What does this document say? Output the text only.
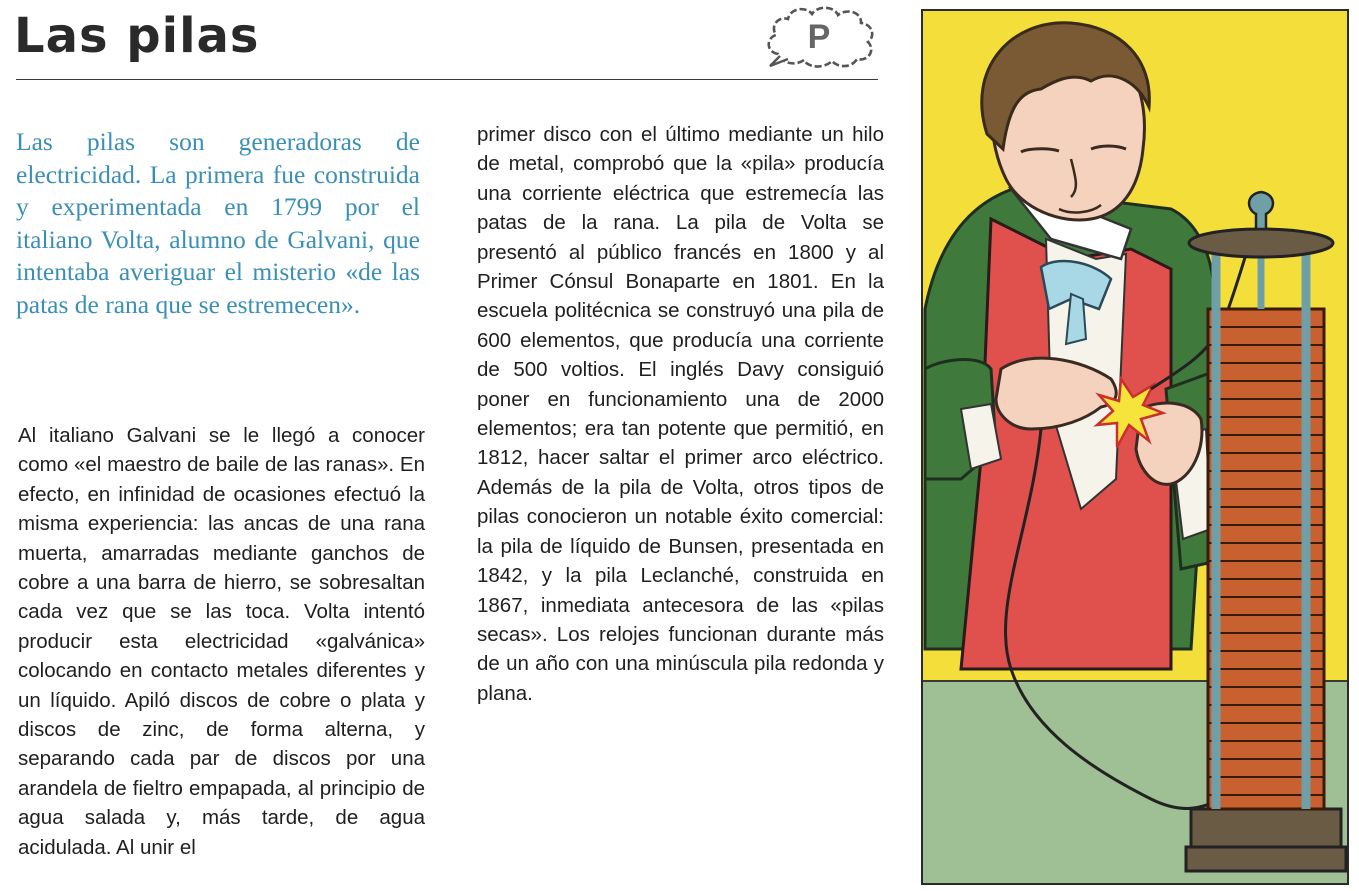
Las pilas	P

Las pilas son generadoras de electricidad. La primera fue construida y experimentada en 1799 por el italiano Volta, alumno de Galvani, que intentaba averiguar el misterio «de las patas de rana que se estremecen».

Al italiano Galvani se le llegó a conocer como «el maestro de baile de las ranas». En efecto, en infinidad de ocasiones efectuó la misma experiencia: las ancas de una rana muerta, amarradas mediante ganchos de cobre a una barra de hierro, se sobresaltan cada vez que se las toca. Volta intentó producir esta electricidad «galvánica» colocando en contacto metales diferentes y un líquido. Apiló discos de cobre o plata y discos de zinc, de forma alterna, y separando cada par de discos por una arandela de fieltro empapada, al principio de agua salada y, más tarde, de agua acidulada. Al unir el

primer disco con el último mediante un hilo de metal, comprobó que la «pila» producía una corriente eléctrica que estremecía las patas de la rana. La pila de Volta se presentó al público francés en 1800 y al Primer Cónsul Bonaparte en 1801. En la escuela politécnica se construyó una pila de 600 elementos, que producía una corriente de 500 voltios. El inglés Davy consiguió poner en funcionamiento una de 2000 elementos; era tan potente que permitió, en 1812, hacer saltar el primer arco eléctrico. Además de la pila de Volta, otros tipos de pilas conocieron un notable éxito comercial: la pila de líquido de Bunsen, presentada en 1842, y la pila Leclanché, construida en 1867, inmediata antecesora de las «pilas secas». Los relojes funcionan durante más de un año con una minúscula pila redonda y plana.
